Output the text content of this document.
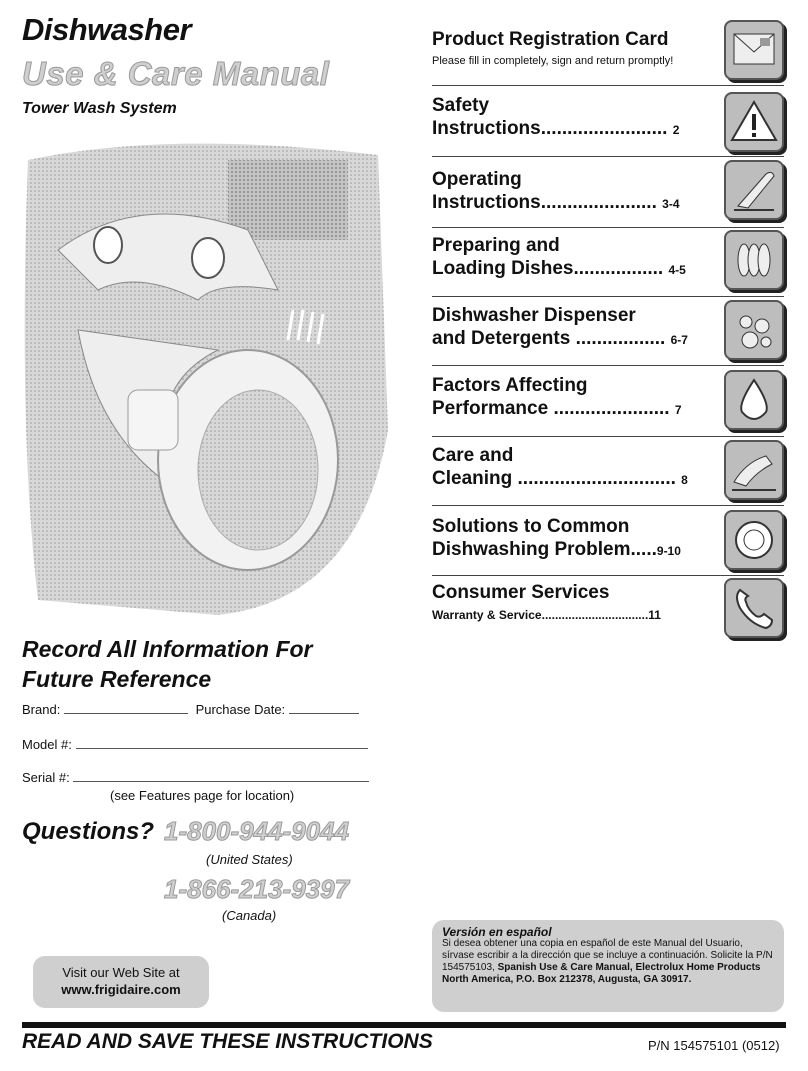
Dishwasher
Use & Care Manual
Tower Wash System
Product Registration Card
Please fill in completely, sign and return promptly!
Safety
Instructions........................ 2
Operating
Instructions...................... 3-4
Preparing and
Loading Dishes................. 4-5
Dishwasher Dispenser
and Detergents ................. 6-7
Factors Affecting
Performance ...................... 7
Care and
Cleaning .............................. 8
Solutions to Common
Dishwashing Problem.....9-10
Consumer Services
Warranty & Service................................11
Record All Information For
Future Reference
Brand:	Purchase Date:
Model #:
Serial #:
(see Features page for location)
Questions? 1-800-944-9044
(United States)
1-866-213-9397
(Canada)
Visit our Web Site at
www.frigidaire.com
Versión en español
Si desea obtener una copia en español de este Manual del Usuario, sírvase escribir a la dirección que se incluye a continuación. Solicite la P/N 154575103, Spanish Use & Care Manual, Electrolux Home Products North America, P.O. Box 212378, Augusta, GA 30917.
READ AND SAVE THESE INSTRUCTIONS	P/N 154575101 (0512)
